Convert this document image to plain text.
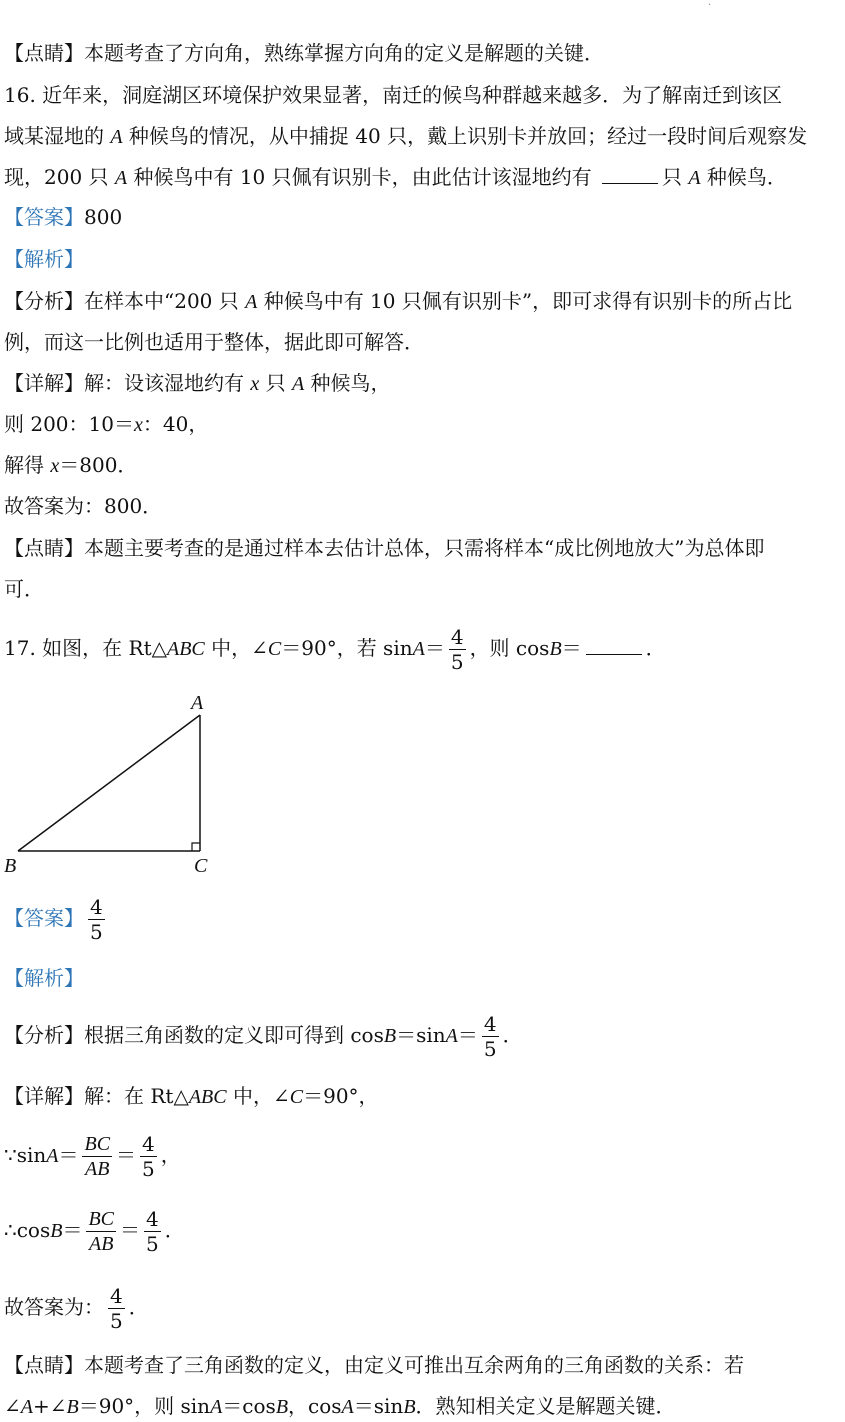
·
【点睛】本题考查了方向角，熟练掌握方向角的定义是解题的关键．
16. 近年来，洞庭湖区环境保护效果显著，南迁的候鸟种群越来越多．为了解南迁到该区
域某湿地的 A 种候鸟的情况，从中捕捉 40 只，戴上识别卡并放回；经过一段时间后观察发
现，200 只 A 种候鸟中有 10 只佩有识别卡，由此估计该湿地约有	只 A 种候鸟．
【答案】800
【解析】
【分析】在样本中“200 只 A 种候鸟中有 10 只佩有识别卡”，即可求得有识别卡的所占比
例，而这一比例也适用于整体，据此即可解答．
【详解】解：设该湿地约有 x 只 A 种候鸟，
则 200：10＝x：40，
解得 x＝800．
故答案为：800．
【点睛】本题主要考查的是通过样本去估计总体，只需将样本“成比例地放大”为总体即
可．
17. 如图，在 Rt△ABC 中，∠C＝90°，若 $\sin A= \frac{4}{5}$ ，则 cosB＝	．
A
B	C
【答案】 $\frac{4}{5}$
【解析】
【分析】根据三角函数的定义即可得到 $\cos B=\sin A= \frac{4}{5}$ ．
【详解】解：在 Rt△ABC 中，∠C＝90°，
∵sinA＝ $\frac{BC}{AB} = \frac{4}{5}$ ，
∴cosB＝ $\frac{BC}{AB} = \frac{4}{5}$ ．
故答案为： $\frac{4}{5}$ ．
【点睛】本题考查了三角函数的定义，由定义可推出互余两角的三角函数的关系：若
∠A+∠B＝90°，则 sinA＝cosB，cosA＝sinB．熟知相关定义是解题关键．
